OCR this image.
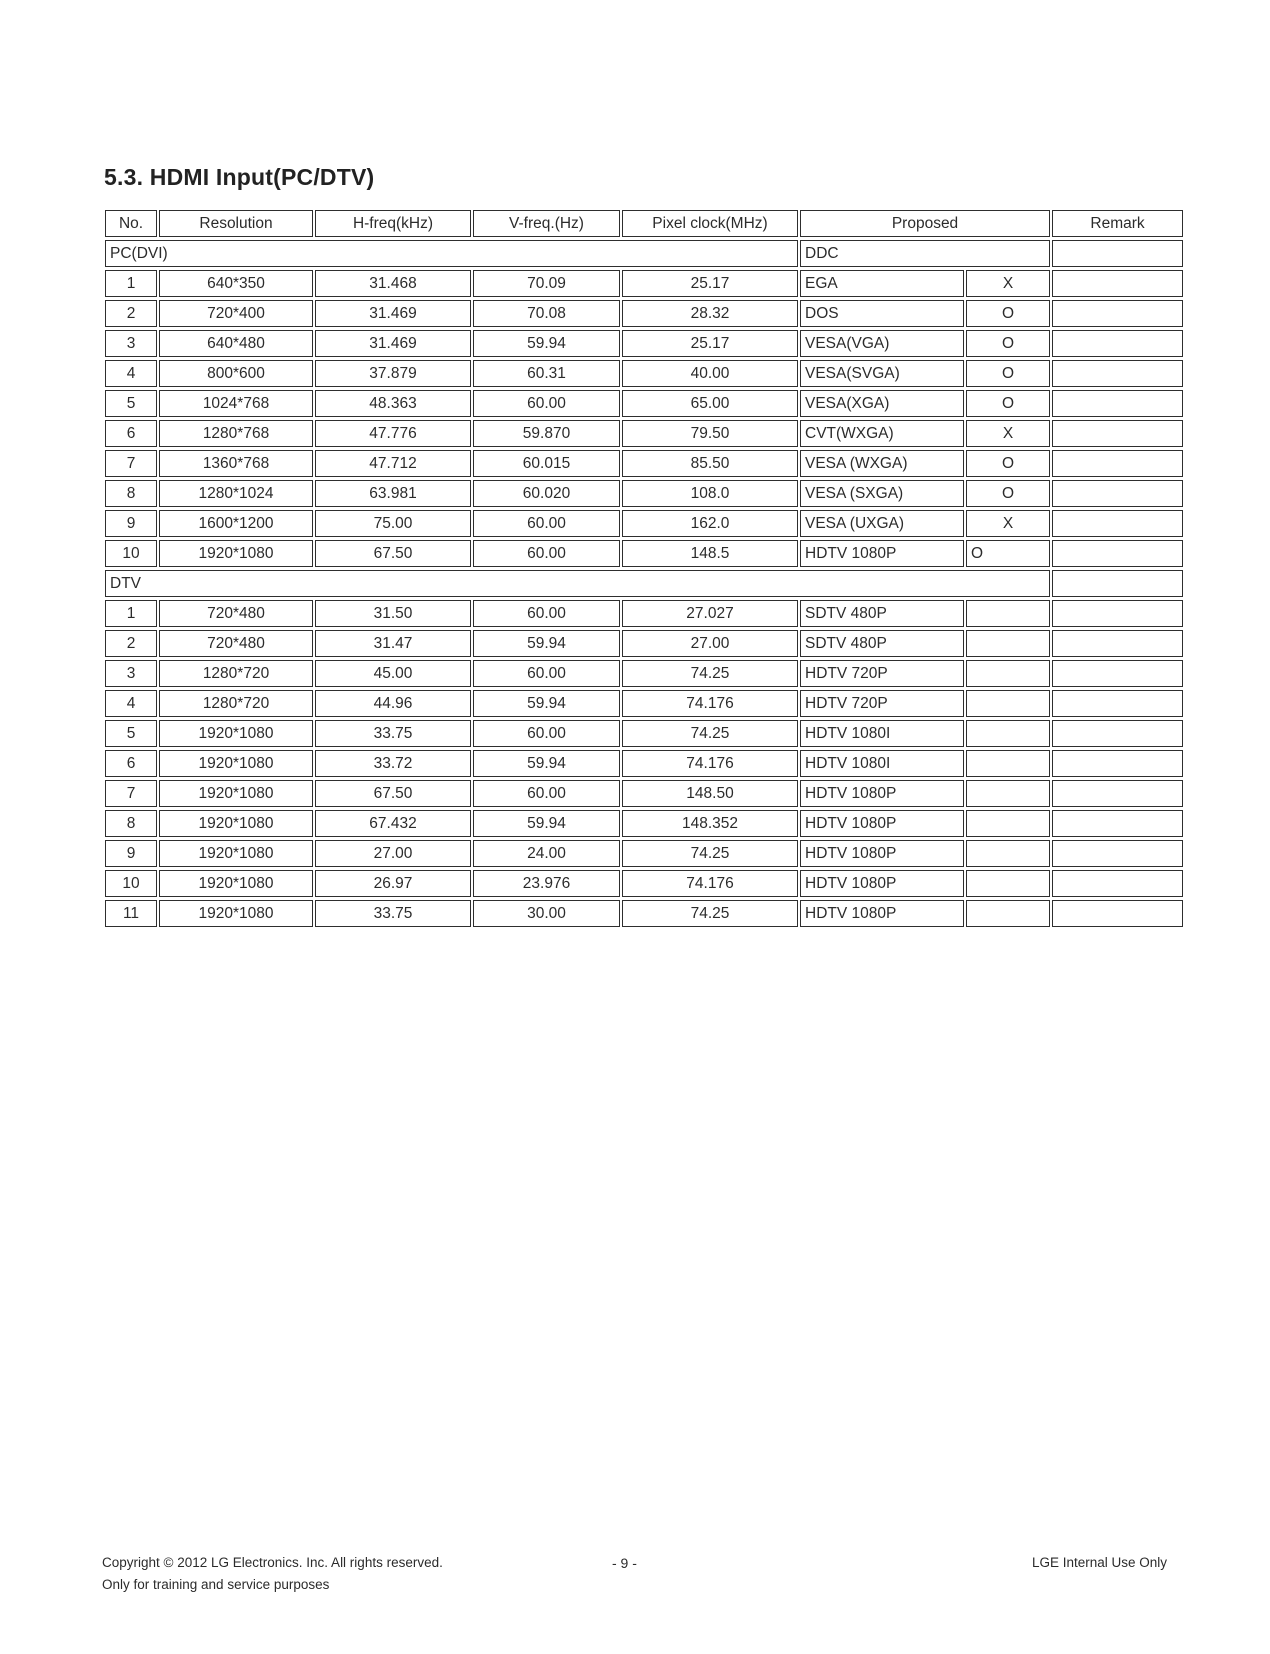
5.3. HDMI Input(PC/DTV)
No.	Resolution	H-freq(kHz)	V-freq.(Hz)	Pixel clock(MHz)	Proposed		Remark
PC(DVI)					DDC		
1	640*350	31.468	70.09	25.17	EGA	X	
2	720*400	31.469	70.08	28.32	DOS	O	
3	640*480	31.469	59.94	25.17	VESA(VGA)	O	
4	800*600	37.879	60.31	40.00	VESA(SVGA)	O	
5	1024*768	48.363	60.00	65.00	VESA(XGA)	O	
6	1280*768	47.776	59.870	79.50	CVT(WXGA)	X	
7	1360*768	47.712	60.015	85.50	VESA (WXGA)	O	
8	1280*1024	63.981	60.020	108.0	VESA (SXGA)	O	
9	1600*1200	75.00	60.00	162.0	VESA (UXGA)	X	
10	1920*1080	67.50	60.00	148.5	HDTV 1080P	O	
DTV							
1	720*480	31.50	60.00	27.027	SDTV 480P		
2	720*480	31.47	59.94	27.00	SDTV 480P		
3	1280*720	45.00	60.00	74.25	HDTV 720P		
4	1280*720	44.96	59.94	74.176	HDTV 720P		
5	1920*1080	33.75	60.00	74.25	HDTV 1080I		
6	1920*1080	33.72	59.94	74.176	HDTV 1080I		
7	1920*1080	67.50	60.00	148.50	HDTV 1080P		
8	1920*1080	67.432	59.94	148.352	HDTV 1080P		
9	1920*1080	27.00	24.00	74.25	HDTV 1080P		
10	1920*1080	26.97	23.976	74.176	HDTV 1080P		
11	1920*1080	33.75	30.00	74.25	HDTV 1080P		
Copyright © 2012 LG Electronics. Inc. All rights reserved.
Only for training and service purposes
- 9 -	LGE Internal Use Only
